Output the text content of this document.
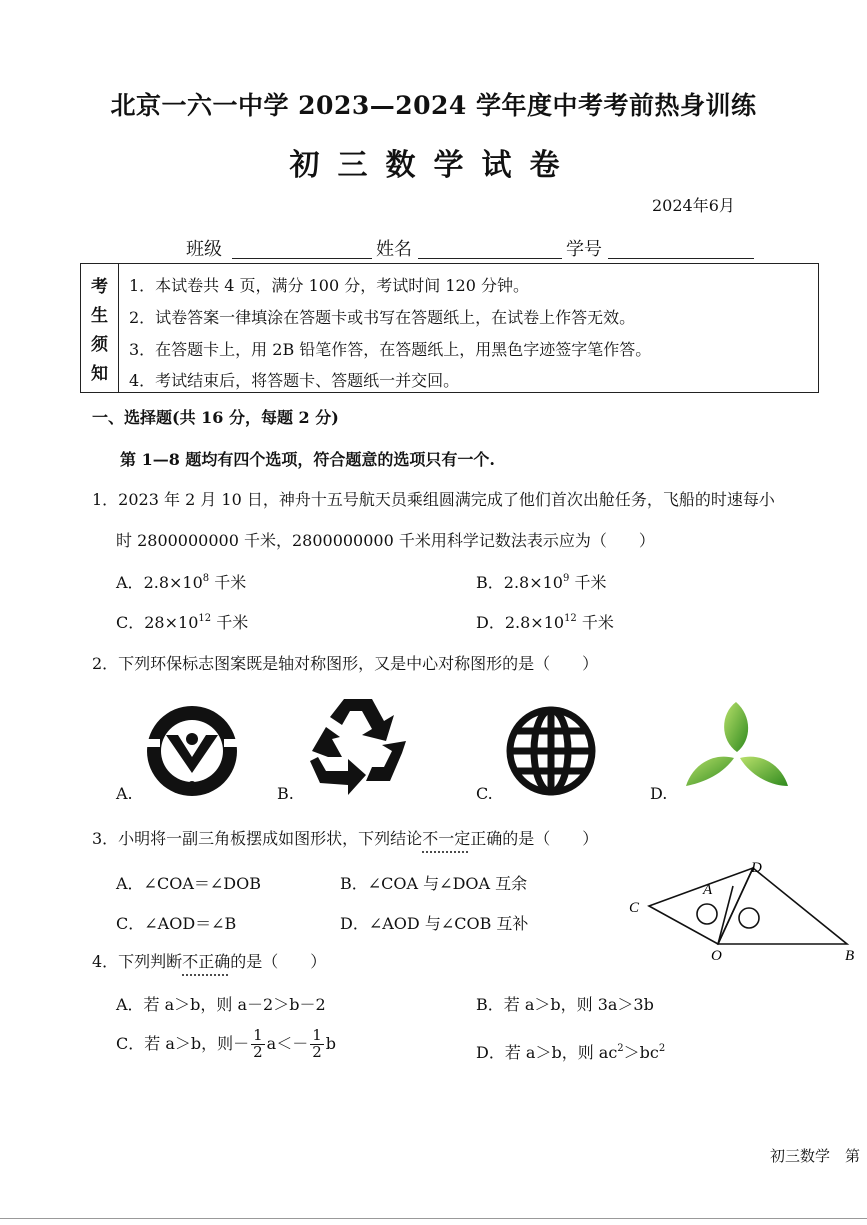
北京一六一中学 2023—2024 学年度中考考前热身训练
初三数学试卷
2024年6月
班级	姓名	学号
考
生
须
知
1．本试卷共 4 页，满分 100 分，考试时间 120 分钟。
2．试卷答案一律填涂在答题卡或书写在答题纸上，在试卷上作答无效。
3．在答题卡上，用 2B 铅笔作答，在答题纸上，用黑色字迹签字笔作答。
4．考试结束后，将答题卡、答题纸一并交回。
一、选择题(共 16 分，每题 2 分)
第 1—8 题均有四个选项，符合题意的选项只有一个.
1．2023 年 2 月 10 日，神舟十五号航天员乘组圆满完成了他们首次出舱任务，飞船的时速每小
时 2800000000 千米，2800000000 千米用科学记数法表示应为（　　）
A．$2.8\times 10^8$ 千米	B．$2.8\times 10^9$ 千米
C．$28\times 10^{12}$ 千米	D．$2.8\times 10^{12}$ 千米
2．下列环保标志图案既是轴对称图形，又是中心对称图形的是（　　）
A.	B.	C.	D.
3．小明将一副三角板摆成如图形状，下列结论不一定正确的是（　　）
A．∠COA＝∠DOB	B．∠COA 与∠DOA 互余
C．∠AOD＝∠B	D．∠AOD 与∠COB 互补
D
A
C
O	B
4．下列判断不正确的是（　　）
A．若 a＞b，则 a－2＞b－2	B．若 a＞b，则 3a＞3b
C．若 a＞b，则－ $\frac{1}{2} a<- \frac{1}{2}$ b	D．若 a＞b，则 $ac^2>bc^2$
初三数学　第
